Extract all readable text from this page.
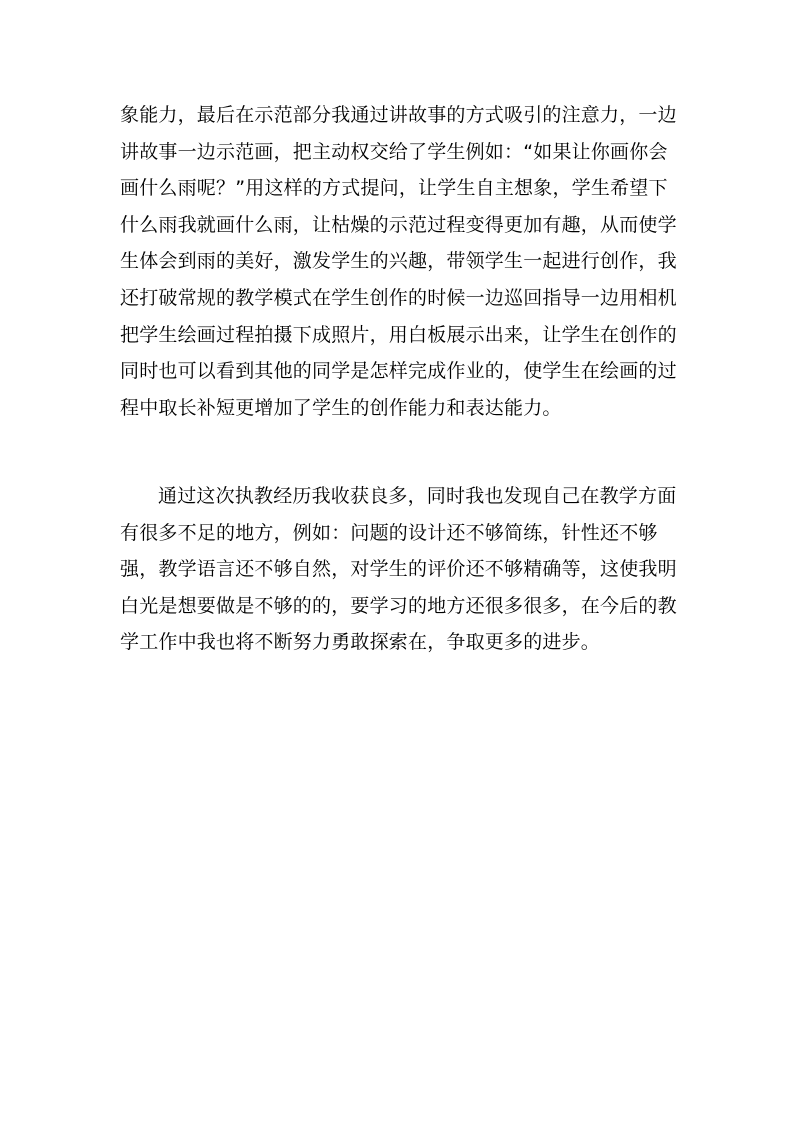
象能力，最后在示范部分我通过讲故事的方式吸引的注意力，一边
讲故事一边示范画，把主动权交给了学生例如：“如果让你画你会
画什么雨呢？”用这样的方式提问，让学生自主想象，学生希望下
什么雨我就画什么雨，让枯燥的示范过程变得更加有趣，从而使学
生体会到雨的美好，激发学生的兴趣，带领学生一起进行创作，我
还打破常规的教学模式在学生创作的时候一边巡回指导一边用相机
把学生绘画过程拍摄下成照片，用白板展示出来，让学生在创作的
同时也可以看到其他的同学是怎样完成作业的，使学生在绘画的过
程中取长补短更增加了学生的创作能力和表达能力。
通过这次执教经历我收获良多，同时我也发现自己在教学方面
有很多不足的地方，例如：问题的设计还不够简练，针性还不够
强，教学语言还不够自然，对学生的评价还不够精确等，这使我明
白光是想要做是不够的的，要学习的地方还很多很多，在今后的教
学工作中我也将不断努力勇敢探索在，争取更多的进步。
